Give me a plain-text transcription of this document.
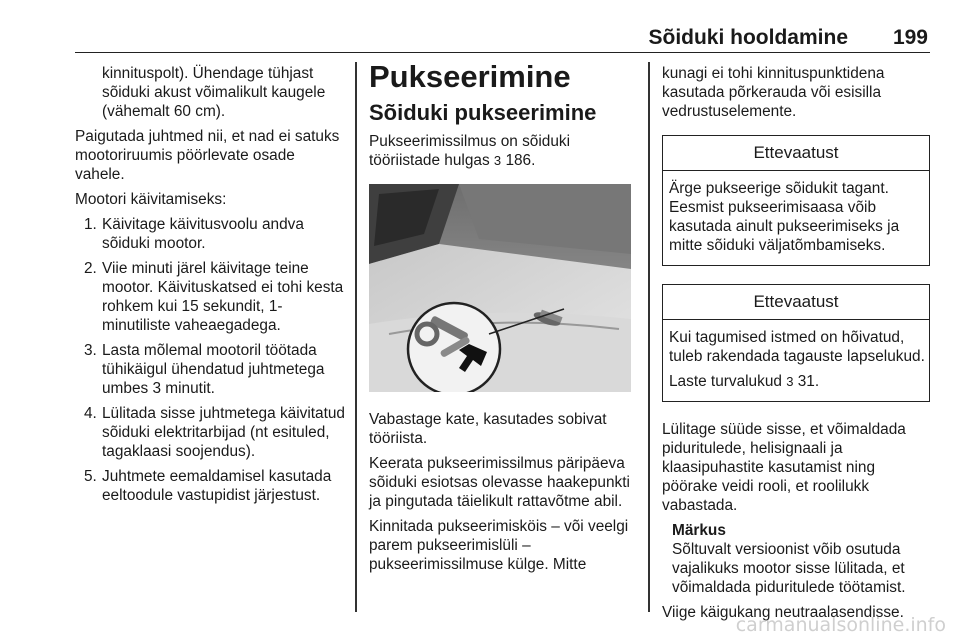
Sõiduki hooldamine 199

kinnituspolt). Ühendage tühjast sõiduki akust võimalikult kaugele (vähemalt 60 cm).

Paigutada juhtmed nii, et nad ei satuks mootoriruumis pöörlevate osade vahele.

Mootori käivitamiseks:

1. Käivitage käivitusvoolu andva sõiduki mootor.
2. Viie minuti järel käivitage teine mootor. Käivituskatsed ei tohi kesta rohkem kui 15 sekundit, 1-minutiliste vaheaegadega.
3. Lasta mõlemal mootoril töötada tühikäigul ühendatud juhtmetega umbes 3 minutit.
4. Lülitada sisse juhtmetega käivitatud sõiduki elektritarbijad (nt esituled, tagaklaasi soojendus).
5. Juhtmete eemaldamisel kasutada eeltoodule vastupidist järjestust.
Pukseerimine
Sõiduki pukseerimine

Pukseerimissilmus on sõiduki tööriistade hulgas 3 186.

Vabastage kate, kasutades sobivat tööriista.

Keerata pukseerimissilmus päripäeva sõiduki esiotsas olevasse haakepunkti ja pingutada täielikult rattavõtme abil.

Kinnitada pukseerimisköis – või veelgi parem pukseerimislüli – pukseerimissilmuse külge. Mitte

kunagi ei tohi kinnituspunktidena kasutada põrkerauda või esisilla vedrustuselemente.

Ettevaatust

Ärge pukseerige sõidukit tagant. Eesmist pukseerimisaasa võib kasutada ainult pukseerimiseks ja mitte sõiduki väljatõmbamiseks.

Ettevaatust

Kui tagumised istmed on hõivatud, tuleb rakendada tagauste lapselukud.

Laste turvalukud 3 31.

Lülitage süüde sisse, et võimaldada piduritulede, helisignaali ja klaasipuhastite kasutamist ning pöörake veidi rooli, et roolilukk vabastada.

Märkus
Sõltuvalt versioonist võib osutuda vajalikuks mootor sisse lülitada, et võimaldada piduritulede töötamist.

Viige käigukang neutraalasendisse.

carmanualsonline.info
